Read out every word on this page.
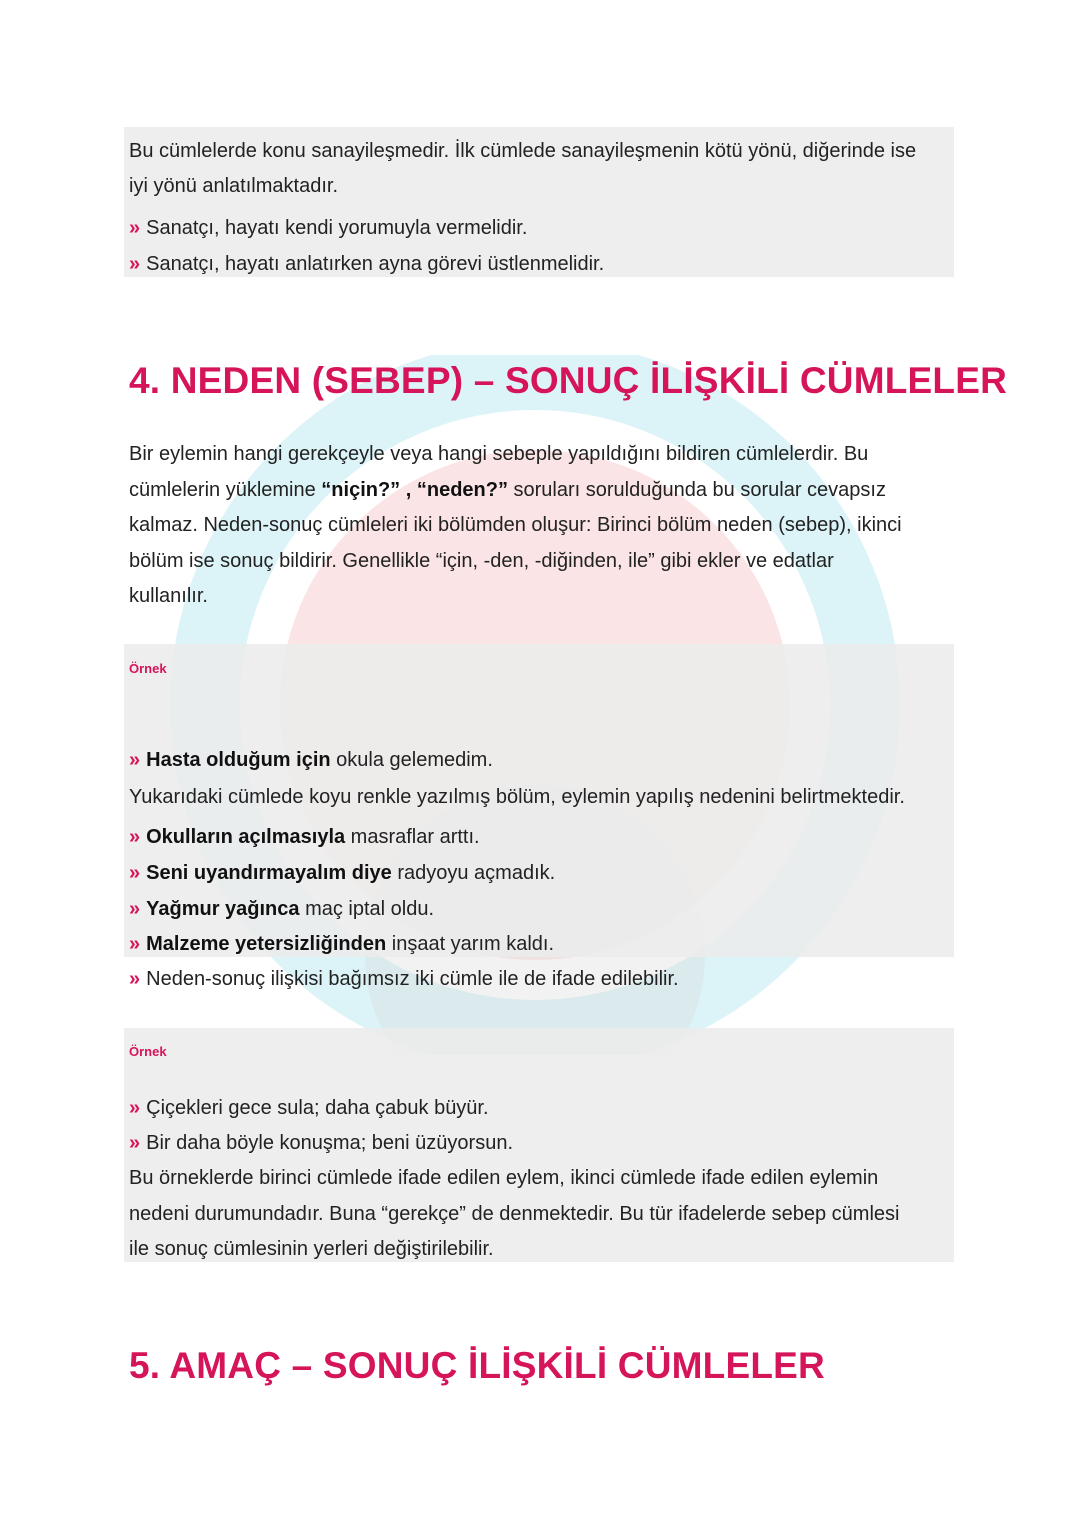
Bu cümlelerde konu sanayileşmedir. İlk cümlede sanayileşmenin kötü yönü, diğerinde ise
iyi yönü anlatılmaktadır.
» Sanatçı, hayatı kendi yorumuyla vermelidir.
» Sanatçı, hayatı anlatırken ayna görevi üstlenmelidir.
4. NEDEN (SEBEP) – SONUÇ İLİŞKİLİ CÜMLELER
Bir eylemin hangi gerekçeyle veya hangi sebeple yapıldığını bildiren cümlelerdir. Bu
cümlelerin yüklemine “niçin?” , “neden?” soruları sorulduğunda bu sorular cevapsız
kalmaz. Neden-sonuç cümleleri iki bölümden oluşur: Birinci bölüm neden (sebep), ikinci
bölüm ise sonuç bildirir. Genellikle “için, -den, -diğinden, ile” gibi ekler ve edatlar
kullanılır.
Örnek
» Hasta olduğum için okula gelemedim.
Yukarıdaki cümlede koyu renkle yazılmış bölüm, eylemin yapılış nedenini belirtmektedir.
» Okulların açılmasıyla masraflar arttı.
» Seni uyandırmayalım diye radyoyu açmadık.
» Yağmur yağınca maç iptal oldu.
» Malzeme yetersizliğinden inşaat yarım kaldı.
» Neden-sonuç ilişkisi bağımsız iki cümle ile de ifade edilebilir.
Örnek
» Çiçekleri gece sula; daha çabuk büyür.
» Bir daha böyle konuşma; beni üzüyorsun.
Bu örneklerde birinci cümlede ifade edilen eylem, ikinci cümlede ifade edilen eylemin
nedeni durumundadır. Buna “gerekçe” de denmektedir. Bu tür ifadelerde sebep cümlesi
ile sonuç cümlesinin yerleri değiştirilebilir.
5. AMAÇ – SONUÇ İLİŞKİLİ CÜMLELER
